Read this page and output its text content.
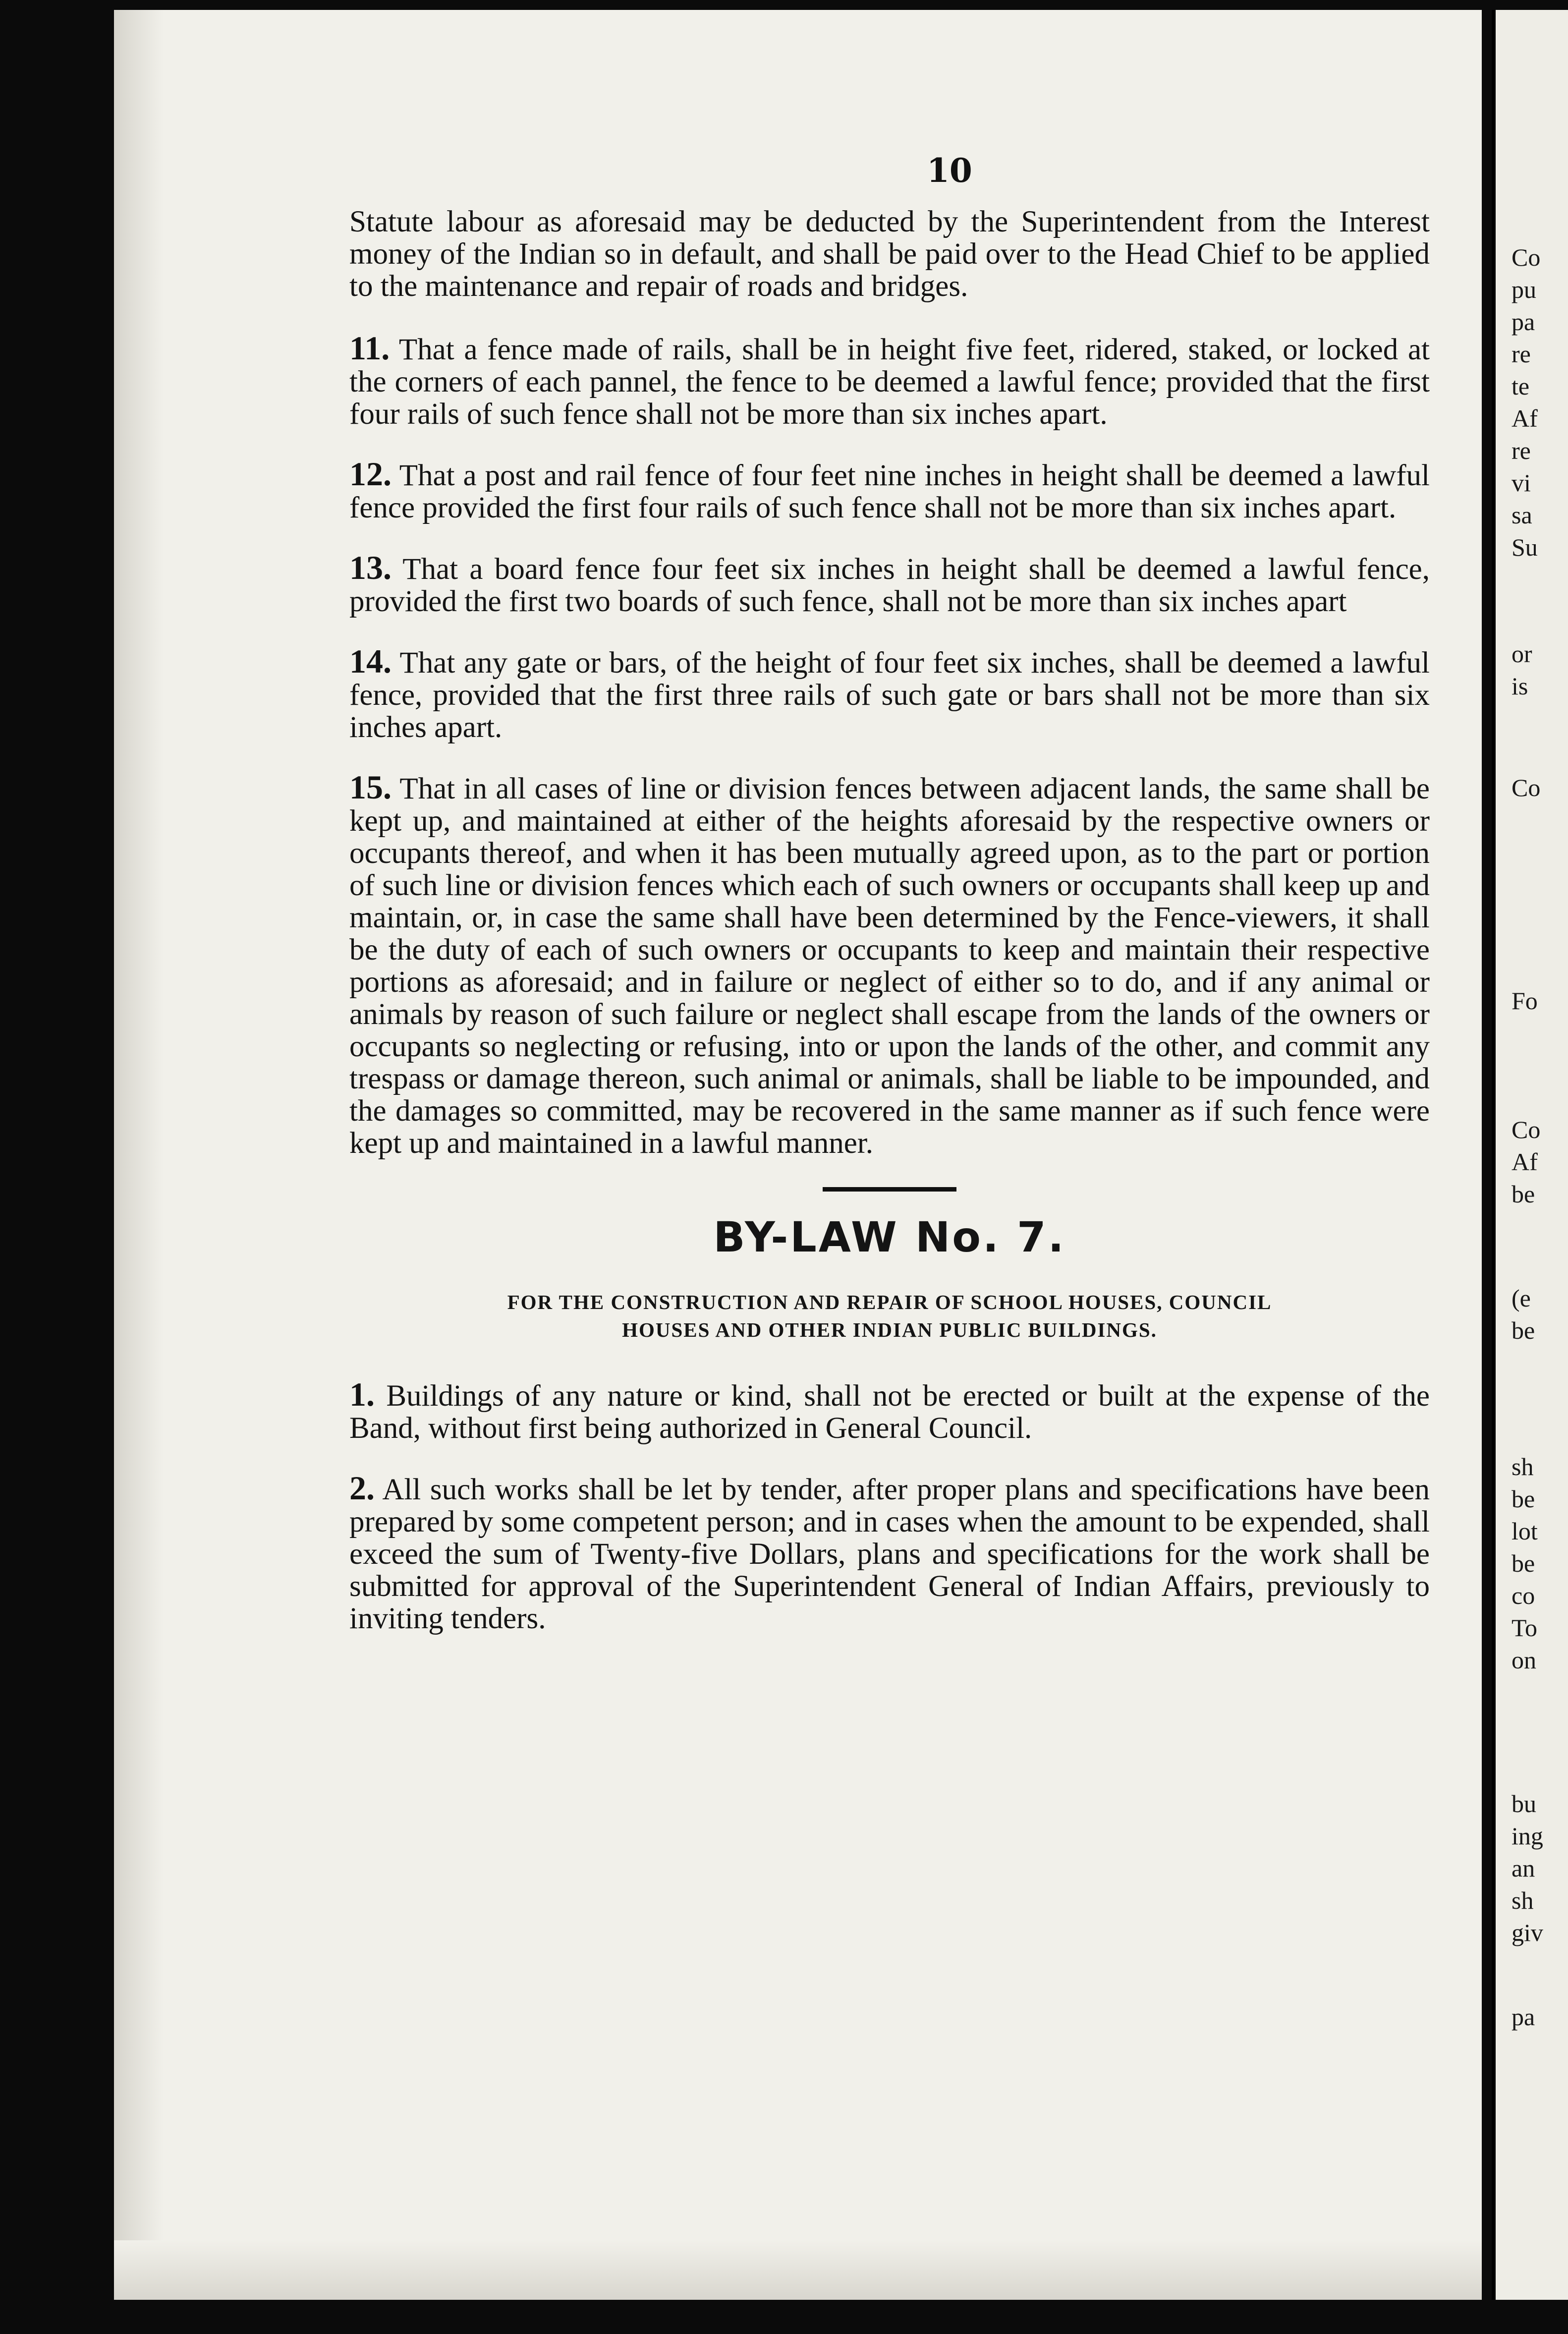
10

Statute labour as aforesaid may be deducted by the Superintendent from the Interest money of the Indian so in default, and shall be paid over to the Head Chief to be applied to the maintenance and repair of roads and bridges.

11. That a fence made of rails, shall be in height five feet, ridered, staked, or locked at the corners of each pannel, the fence to be deemed a lawful fence; provided that the first four rails of such fence shall not be more than six inches apart.

12. That a post and rail fence of four feet nine inches in height shall be deemed a lawful fence provided the first four rails of such fence shall not be more than six inches apart.

13. That a board fence four feet six inches in height shall be deemed a lawful fence, provided the first two boards of such fence, shall not be more than six inches apart

14. That any gate or bars, of the height of four feet six inches, shall be deemed a lawful fence, provided that the first three rails of such gate or bars shall not be more than six inches apart.

15. That in all cases of line or division fences between adjacent lands, the same shall be kept up, and maintained at either of the heights aforesaid by the respective owners or occupants thereof, and when it has been mutually agreed upon, as to the part or portion of such line or division fences which each of such owners or occupants shall keep up and maintain, or, in case the same shall have been determined by the Fence-viewers, it shall be the duty of each of such owners or occupants to keep and maintain their respective portions as aforesaid; and in failure or neglect of either so to do, and if any animal or animals by reason of such failure or neglect shall escape from the lands of the owners or occupants so neglecting or refusing, into or upon the lands of the other, and commit any trespass or damage thereon, such animal or animals, shall be liable to be impounded, and the damages so committed, may be recovered in the same manner as if such fence were kept up and maintained in a lawful manner.

BY-LAW No. 7.
FOR THE CONSTRUCTION AND REPAIR OF SCHOOL HOUSES, COUNCIL
HOUSES AND OTHER INDIAN PUBLIC BUILDINGS.

1. Buildings of any nature or kind, shall not be erected or built at the expense of the Band, without first being authorized in General Council.

2. All such works shall be let by tender, after proper plans and specifications have been prepared by some competent person; and in cases when the amount to be expended, shall exceed the sum of Twenty-five Dollars, plans and specifications for the work shall be submitted for approval of the Superintendent General of Indian Affairs, previously to inviting tenders.

Co
pu
pa
re
te
Af
re
vi
sa
Su
or
is
Co
Fo
Co
Af
be
(e
be
sh
be
lot
be
co
To
on
bu
ing
an
sh
giv
pa
